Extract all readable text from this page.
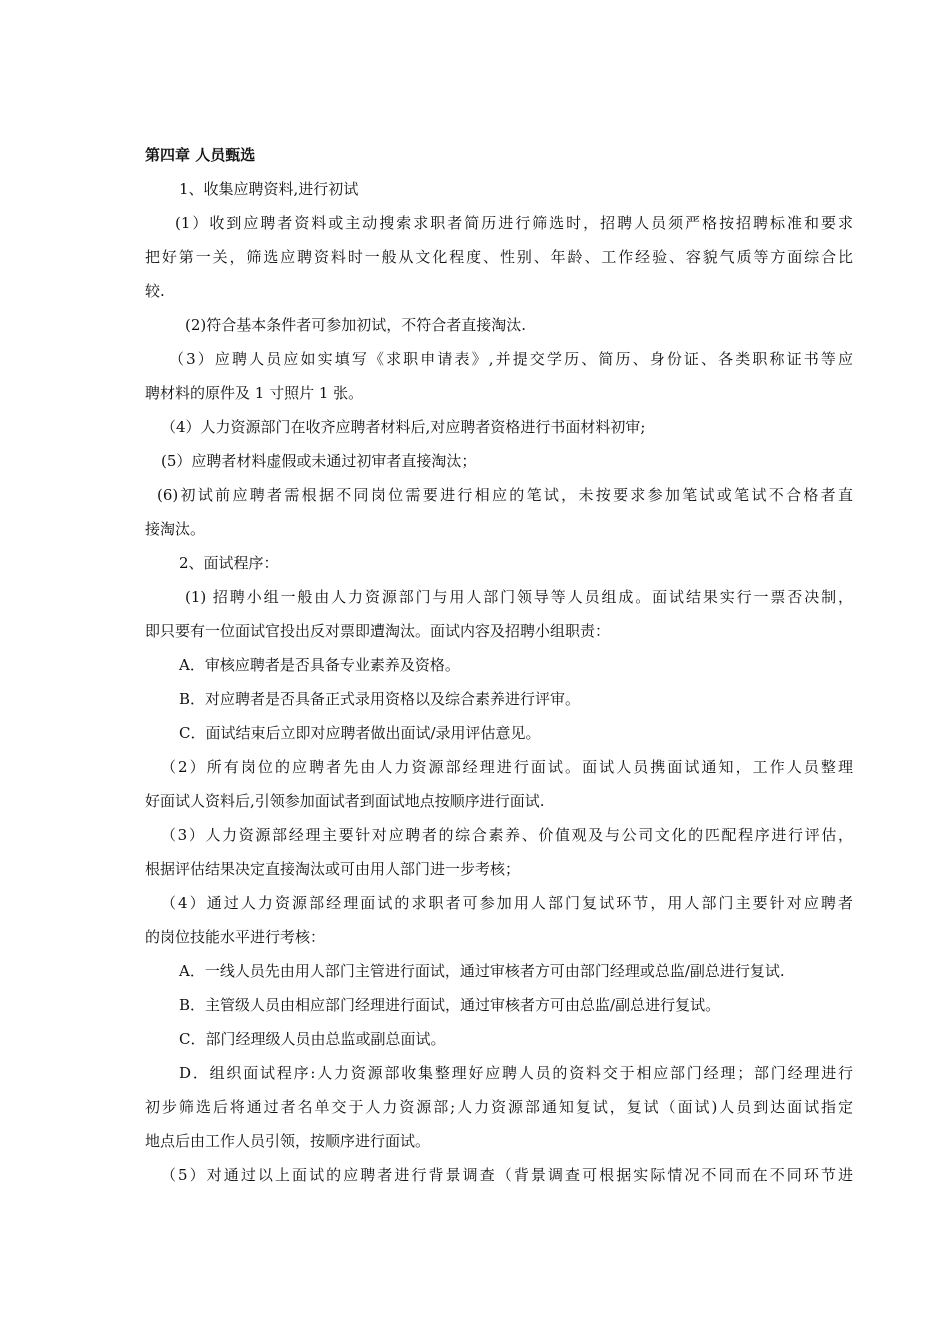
第四章 人员甄选

1、收集应聘资料,进行初试

(1）收到应聘者资料或主动搜索求职者简历进行筛选时，招聘人员须严格按招聘标准和要求

把好第一关，筛选应聘资料时一般从文化程度、性别、年龄、工作经验、容貌气质等方面综合比

较.

(2)符合基本条件者可参加初试，不符合者直接淘汰.

（3）应聘人员应如实填写《求职申请表》,并提交学历、简历、身份证、各类职称证书等应

聘材料的原件及 1 寸照片 1 张。

（4）人力资源部门在收齐应聘者材料后,对应聘者资格进行书面材料初审;

(5）应聘者材料虚假或未通过初审者直接淘汰；

(6)初试前应聘者需根据不同岗位需要进行相应的笔试，未按要求参加笔试或笔试不合格者直

接淘汰。

2、面试程序：

(1) 招聘小组一般由人力资源部门与用人部门领导等人员组成。面试结果实行一票否决制，

即只要有一位面试官投出反对票即遭淘汰。面试内容及招聘小组职责：

A．审核应聘者是否具备专业素养及资格。

B．对应聘者是否具备正式录用资格以及综合素养进行评审。

C．面试结束后立即对应聘者做出面试/录用评估意见。

（2）所有岗位的应聘者先由人力资源部经理进行面试。面试人员携面试通知，工作人员整理

好面试人资料后,引领参加面试者到面试地点按顺序进行面试.

（3）人力资源部经理主要针对应聘者的综合素养、价值观及与公司文化的匹配程序进行评估，

根据评估结果决定直接淘汰或可由用人部门进一步考核；

（4）通过人力资源部经理面试的求职者可参加用人部门复试环节，用人部门主要针对应聘者

的岗位技能水平进行考核：

A．一线人员先由用人部门主管进行面试，通过审核者方可由部门经理或总监/副总进行复试.

B．主管级人员由相应部门经理进行面试，通过审核者方可由总监/副总进行复试。

C．部门经理级人员由总监或副总面试。

D．组织面试程序:人力资源部收集整理好应聘人员的资料交于相应部门经理；部门经理进行

初步筛选后将通过者名单交于人力资源部;人力资源部通知复试，复试（面试)人员到达面试指定

地点后由工作人员引领，按顺序进行面试。

（5）对通过以上面试的应聘者进行背景调查（背景调查可根据实际情况不同而在不同环节进
